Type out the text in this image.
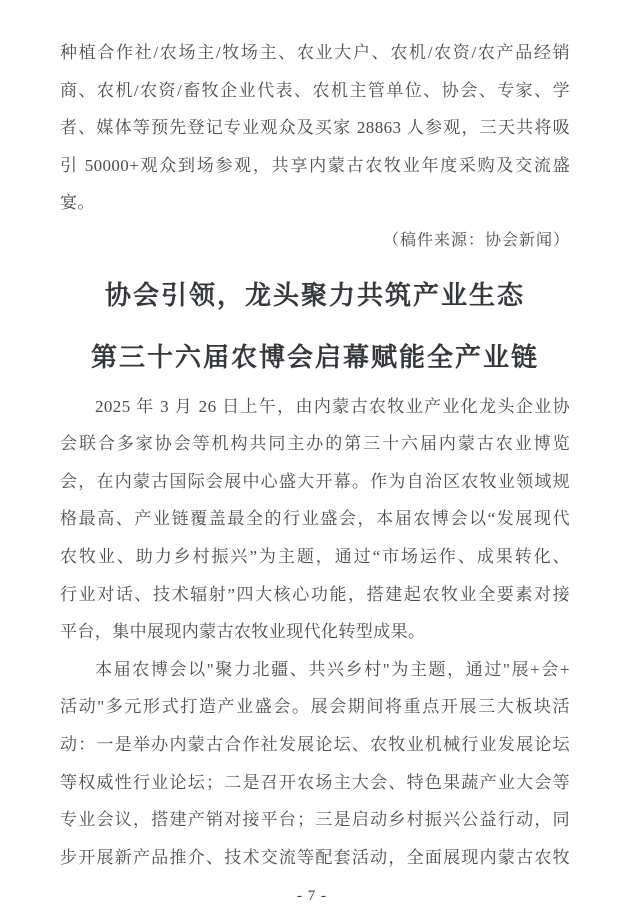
种植合作社/农场主/牧场主、农业大户、农机/农资/农产品经销
商、农机/农资/畜牧企业代表、农机主管单位、协会、专家、学
者、媒体等预先登记专业观众及买家 28863 人参观，三天共将吸
引 50000+观众到场参观，共享内蒙古农牧业年度采购及交流盛
宴。
（稿件来源：协会新闻）
协会引领，龙头聚力共筑产业生态
第三十六届农博会启幕赋能全产业链
2025 年 3 月 26 日上午，由内蒙古农牧业产业化龙头企业协
会联合多家协会等机构共同主办的第三十六届内蒙古农业博览
会，在内蒙古国际会展中心盛大开幕。作为自治区农牧业领域规
格最高、产业链覆盖最全的行业盛会，本届农博会以“发展现代
农牧业、助力乡村振兴”为主题，通过“市场运作、成果转化、
行业对话、技术辐射”四大核心功能，搭建起农牧业全要素对接
平台，集中展现内蒙古农牧业现代化转型成果。
本届农博会以"聚力北疆、共兴乡村"为主题，通过"展+会+
活动"多元形式打造产业盛会。展会期间将重点开展三大板块活
动：一是举办内蒙古合作社发展论坛、农牧业机械行业发展论坛
等权威性行业论坛；二是召开农场主大会、特色果蔬产业大会等
专业会议，搭建产销对接平台；三是启动乡村振兴公益行动，同
步开展新产品推介、技术交流等配套活动，全面展现内蒙古农牧
- 7 -
